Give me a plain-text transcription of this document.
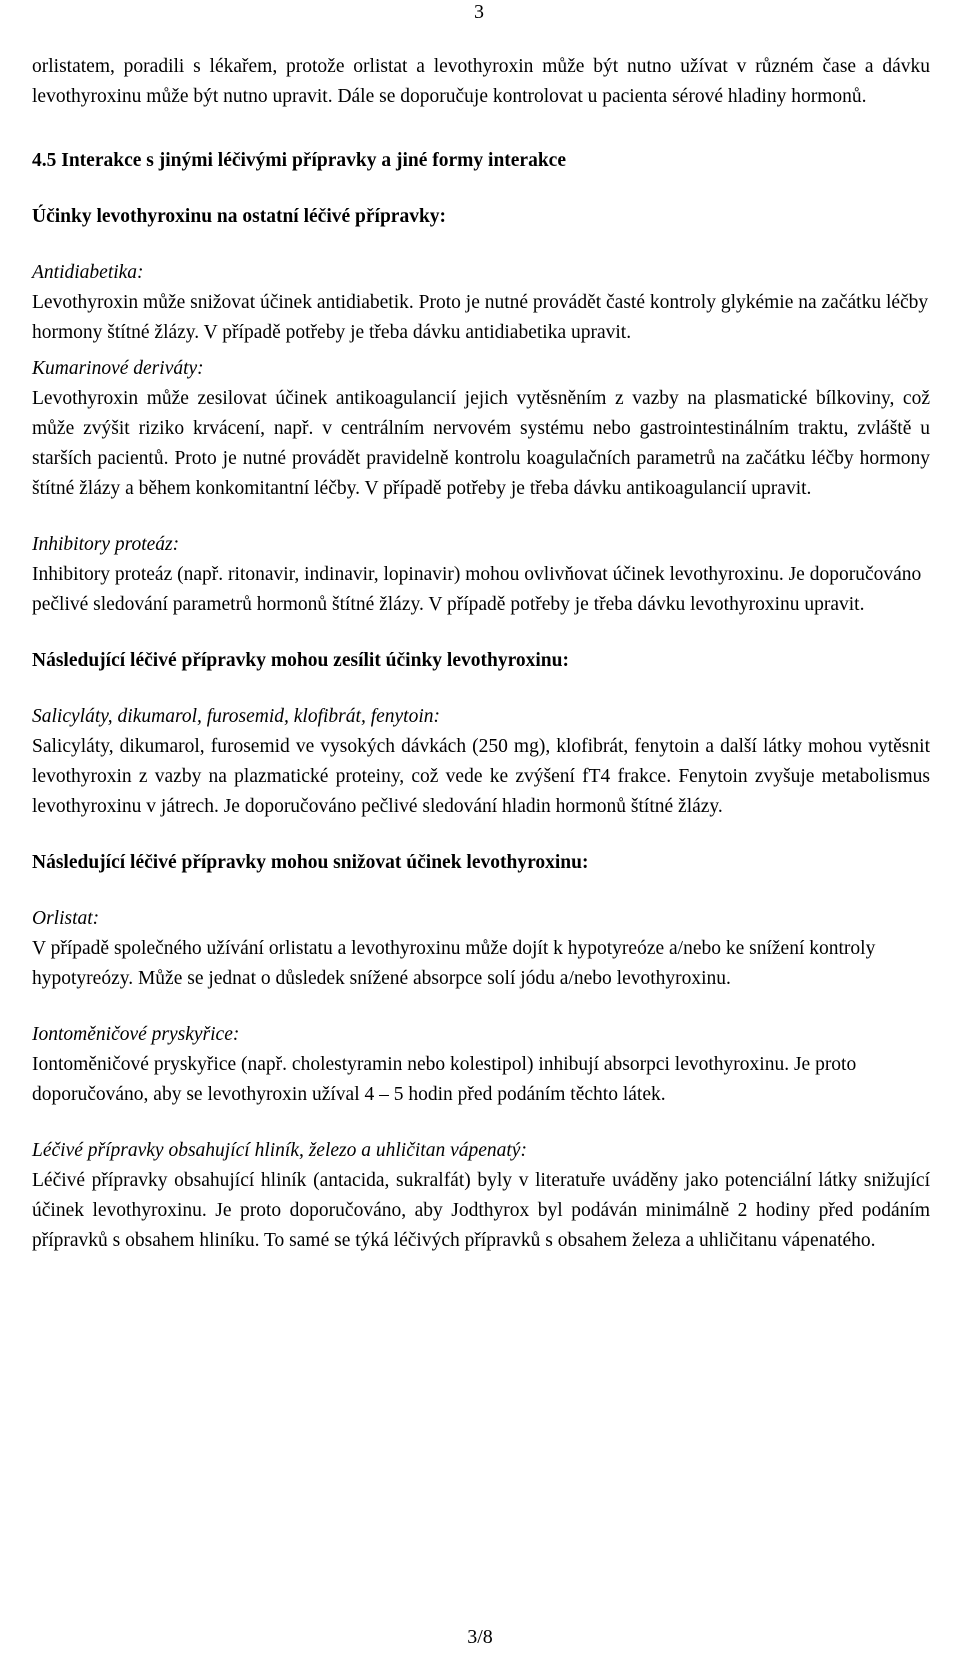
3

orlistatem, poradili s lékařem, protože orlistat a levothyroxin může být nutno užívat v různém čase a dávku levothyroxinu může být nutno upravit. Dále se doporučuje kontrolovat u pacienta sérové hladiny hormonů.

4.5 Interakce s jinými léčivými přípravky a jiné formy interakce

Účinky levothyroxinu na ostatní léčivé přípravky:

Antidiabetika:

Levothyroxin může snižovat účinek antidiabetik. Proto je nutné provádět časté kontroly glykémie na začátku léčby hormony štítné žlázy. V případě potřeby je třeba dávku antidiabetika upravit.

Kumarinové deriváty:

Levothyroxin může zesilovat účinek antikoagulancií jejich vytěsněním z vazby na plasmatické bílkoviny, což může zvýšit riziko krvácení, např. v centrálním nervovém systému nebo gastrointestinálním traktu, zvláště u starších pacientů. Proto je nutné provádět pravidelně kontrolu koagulačních parametrů na začátku léčby hormony štítné žlázy a během konkomitantní léčby. V případě potřeby je třeba dávku antikoagulancií upravit.

Inhibitory proteáz:

Inhibitory proteáz (např. ritonavir, indinavir, lopinavir) mohou ovlivňovat účinek levothyroxinu. Je doporučováno pečlivé sledování parametrů hormonů štítné žlázy. V případě potřeby je třeba dávku levothyroxinu upravit.

Následující léčivé přípravky mohou zesílit účinky levothyroxinu:

Salicyláty, dikumarol, furosemid, klofibrát, fenytoin:

Salicyláty, dikumarol, furosemid ve vysokých dávkách (250 mg), klofibrát, fenytoin a další látky mohou vytěsnit levothyroxin z vazby na plazmatické proteiny, což vede ke zvýšení fT4 frakce. Fenytoin zvyšuje metabolismus levothyroxinu v játrech. Je doporučováno pečlivé sledování hladin hormonů štítné žlázy.

Následující léčivé přípravky mohou snižovat účinek levothyroxinu:

Orlistat:

V případě společného užívání orlistatu a levothyroxinu může dojít k hypotyreóze a/nebo ke snížení kontroly hypotyreózy. Může se jednat o důsledek snížené absorpce solí jódu a/nebo levothyroxinu.

Iontoměničové pryskyřice:

Iontoměničové pryskyřice (např. cholestyramin nebo kolestipol) inhibují absorpci levothyroxinu. Je proto doporučováno, aby se levothyroxin užíval 4 – 5 hodin před podáním těchto látek.

Léčivé přípravky obsahující hliník, železo a uhličitan vápenatý:

Léčivé přípravky obsahující hliník (antacida, sukralfát) byly v literatuře uváděny jako potenciální látky snižující účinek levothyroxinu. Je proto doporučováno, aby Jodthyrox byl podáván minimálně 2 hodiny před podáním přípravků s obsahem hliníku. To samé se týká léčivých přípravků s obsahem železa a uhličitanu vápenatého.

3/8
